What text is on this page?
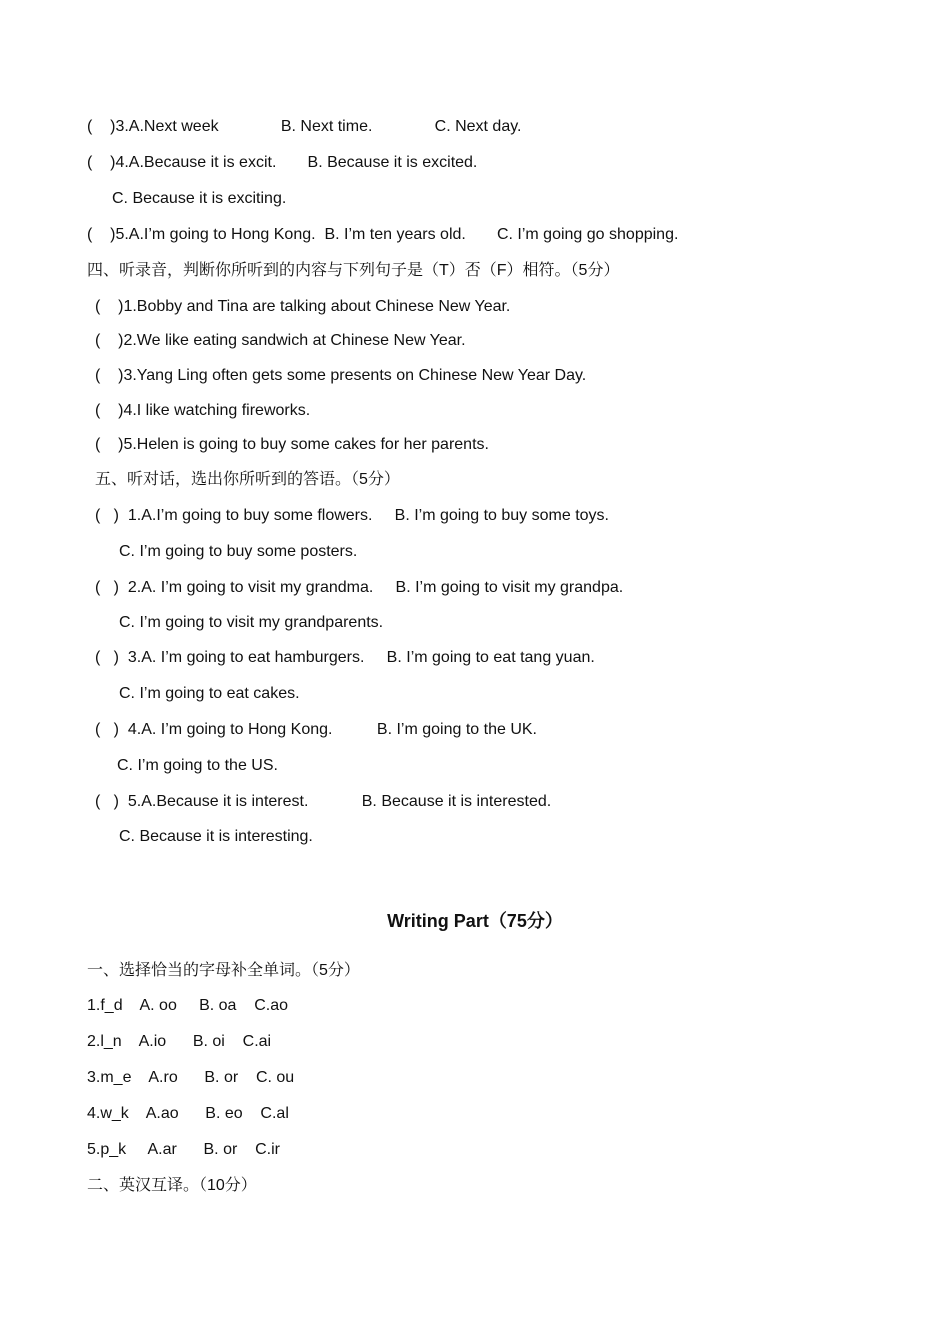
(    )3.A.Next week              B. Next time.              C. Next day.
(    )4.A.Because it is excit.       B. Because it is excited.
C. Because it is exciting.
(    )5.A.I’m going to Hong Kong.  B. I’m ten years old.       C. I’m going go shopping.
四、听录音，判断你所听到的内容与下列句子是（T）否（F）相符。（5分）
(    )1.Bobby and Tina are talking about Chinese New Year.
(    )2.We like eating sandwich at Chinese New Year.
(    )3.Yang Ling often gets some presents on Chinese New Year Day.
(    )4.I like watching fireworks.
(    )5.Helen is going to buy some cakes for her parents.
五、听对话，选出你所听到的答语。（5分）
(   )  1.A.I’m going to buy some flowers.     B. I’m going to buy some toys.
C. I’m going to buy some posters.
(   )  2.A. I’m going to visit my grandma.     B. I’m going to visit my grandpa.
C. I’m going to visit my grandparents.
(   )  3.A. I’m going to eat hamburgers.     B. I’m going to eat tang yuan.
C. I’m going to eat cakes.
(   )  4.A. I’m going to Hong Kong.          B. I’m going to the UK.
C. I’m going to the US.
(   )  5.A.Because it is interest.            B. Because it is interested.
C. Because it is interesting.
Writing Part（75分）
一、选择恰当的字母补全单词。（5分）
1.f_d    A. oo     B. oa    C.ao
2.l_n    A.io      B. oi    C.ai
3.m_e    A.ro      B. or    C. ou
4.w_k    A.ao      B. eo    C.al
5.p_k     A.ar      B. or    C.ir
二、英汉互译。（10分）
